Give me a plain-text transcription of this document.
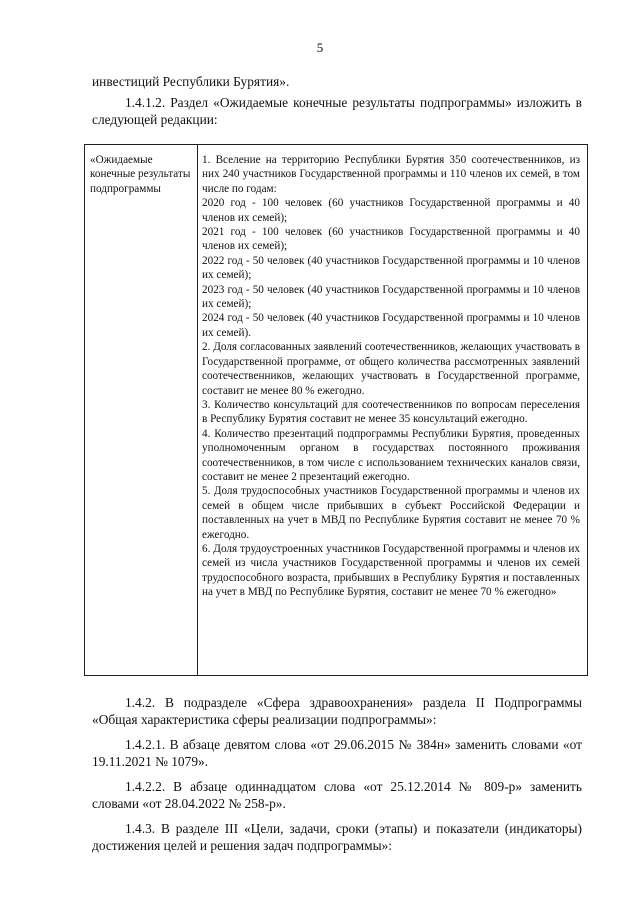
5
инвестиций Республики Бурятия».
1.4.1.2. Раздел «Ожидаемые конечные результаты подпрограммы» изложить в следующей редакции:
«Ожидаемые конечные результаты подпрограммы
1. Вселение на территорию Республики Бурятия 350 соотечественников, из них 240 участников Государственной программы и 110 членов их семей, в том числе по годам:
2020 год - 100 человек (60 участников Государственной программы и 40 членов их семей);
2021 год - 100 человек (60 участников Государственной программы и 40 членов их семей);
2022 год - 50 человек (40 участников Государственной программы и 10 членов их семей);
2023 год - 50 человек (40 участников Государственной программы и 10 членов их семей);
2024 год - 50 человек (40 участников Государственной программы и 10 членов их семей).
2. Доля согласованных заявлений соотечественников, желающих участвовать в Государственной программе, от общего количества рассмотренных заявлений соотечественников, желающих участвовать в Государственной программе, составит не менее 80 % ежегодно.
3. Количество консультаций для соотечественников по вопросам переселения в Республику Бурятия составит не менее 35 консультаций ежегодно.
4. Количество презентаций подпрограммы Республики Бурятия, проведенных уполномоченным органом в государствах постоянного проживания соотечественников, в том числе с использованием технических каналов связи, составит не менее 2 презентаций ежегодно.
5. Доля трудоспособных участников Государственной программы и членов их семей в общем числе прибывших в субъект Российской Федерации и поставленных на учет в МВД по Республике Бурятия составит не менее 70 % ежегодно.
6. Доля трудоустроенных участников Государственной программы и членов их семей из числа участников Государственной программы и членов их семей трудоспособного возраста, прибывших в Республику Бурятия и поставленных на учет в МВД по Республике Бурятия, составит не менее 70 % ежегодно»
1.4.2. В подразделе «Сфера здравоохранения» раздела II Подпрограммы «Общая характеристика сферы реализации подпрограммы»:
1.4.2.1. В абзаце девятом слова «от 29.06.2015 № 384н» заменить словами «от 19.11.2021 № 1079».
1.4.2.2. В абзаце одиннадцатом слова «от 25.12.2014 № 809-р» заменить словами «от 28.04.2022 № 258-р».
1.4.3. В разделе III «Цели, задачи, сроки (этапы) и показатели (индикаторы) достижения целей и решения задач подпрограммы»:
